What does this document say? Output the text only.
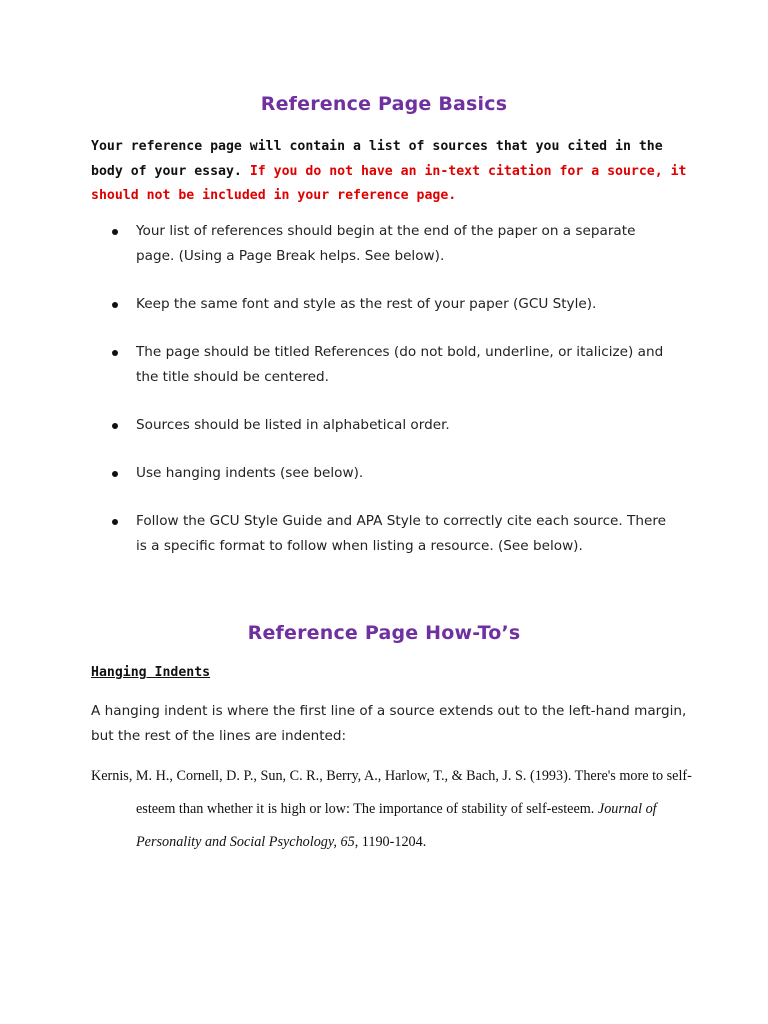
Reference Page Basics

Your reference page will contain a list of sources that you cited in the body of your essay. If you do not have an in-text citation for a source, it should not be included in your reference page.

Your list of references should begin at the end of the paper on a separate page. (Using a Page Break helps. See below).
Keep the same font and style as the rest of your paper (GCU Style).
The page should be titled References (do not bold, underline, or italicize) and the title should be centered.
Sources should be listed in alphabetical order.
Use hanging indents (see below).
Follow the GCU Style Guide and APA Style to correctly cite each source. There is a specific format to follow when listing a resource. (See below).
Reference Page How-To’s
Hanging Indents

A hanging indent is where the first line of a source extends out to the left-hand margin, but the rest of the lines are indented:

Kernis, M. H., Cornell, D. P., Sun, C. R., Berry, A., Harlow, T., & Bach, J. S. (1993). There's more to self-esteem than whether it is high or low: The importance of stability of self-esteem. Journal of Personality and Social Psychology, 65, 1190-1204.
